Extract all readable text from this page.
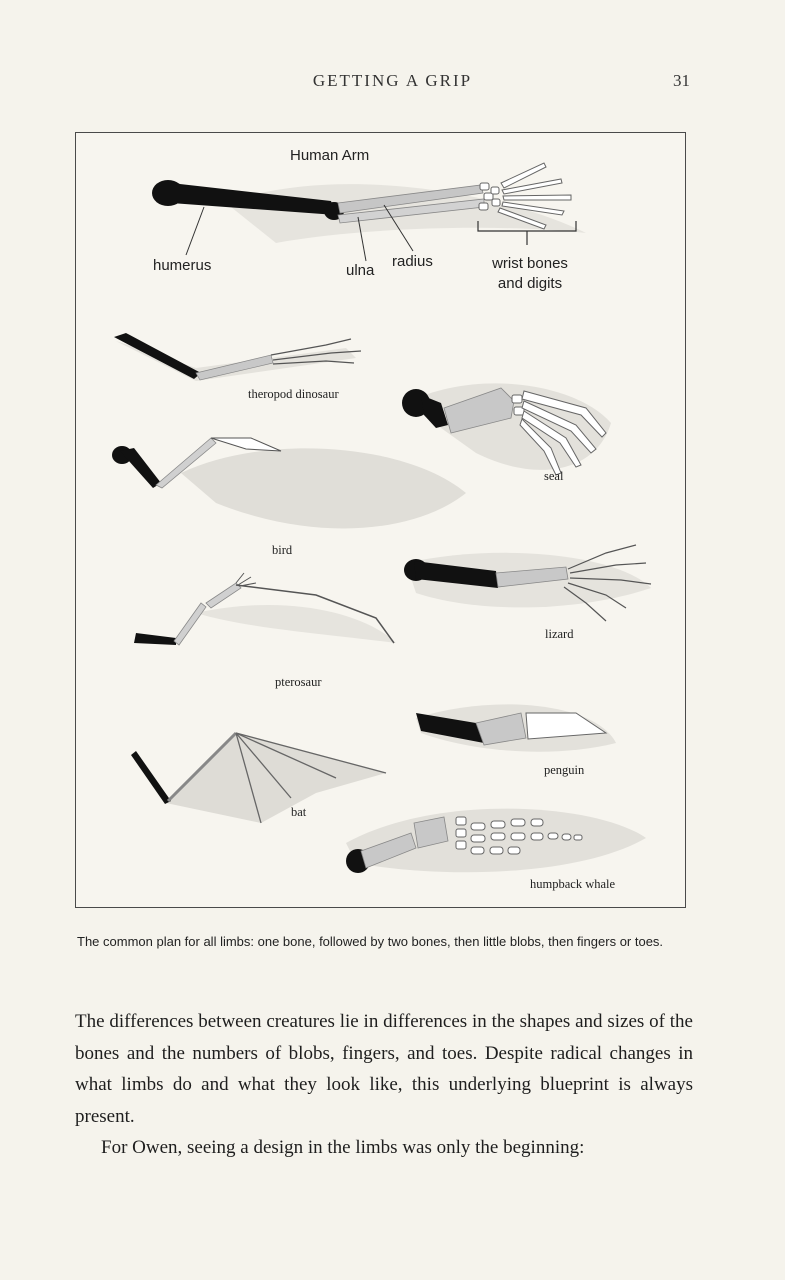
GETTING A GRIP	31
Human Arm
humerus	ulna
radius	wrist bones
and digits
theropod dinosaur
seal
bird
lizard
pterosaur
penguin
bat
humpback whale
The common plan for all limbs: one bone, followed by two bones, then little blobs, then fingers or toes.

The differences between creatures lie in differences in the shapes and sizes of the bones and the numbers of blobs, fingers, and toes. Despite radical changes in what limbs do and what they look like, this underlying blueprint is always present.

For Owen, seeing a design in the limbs was only the beginning:
